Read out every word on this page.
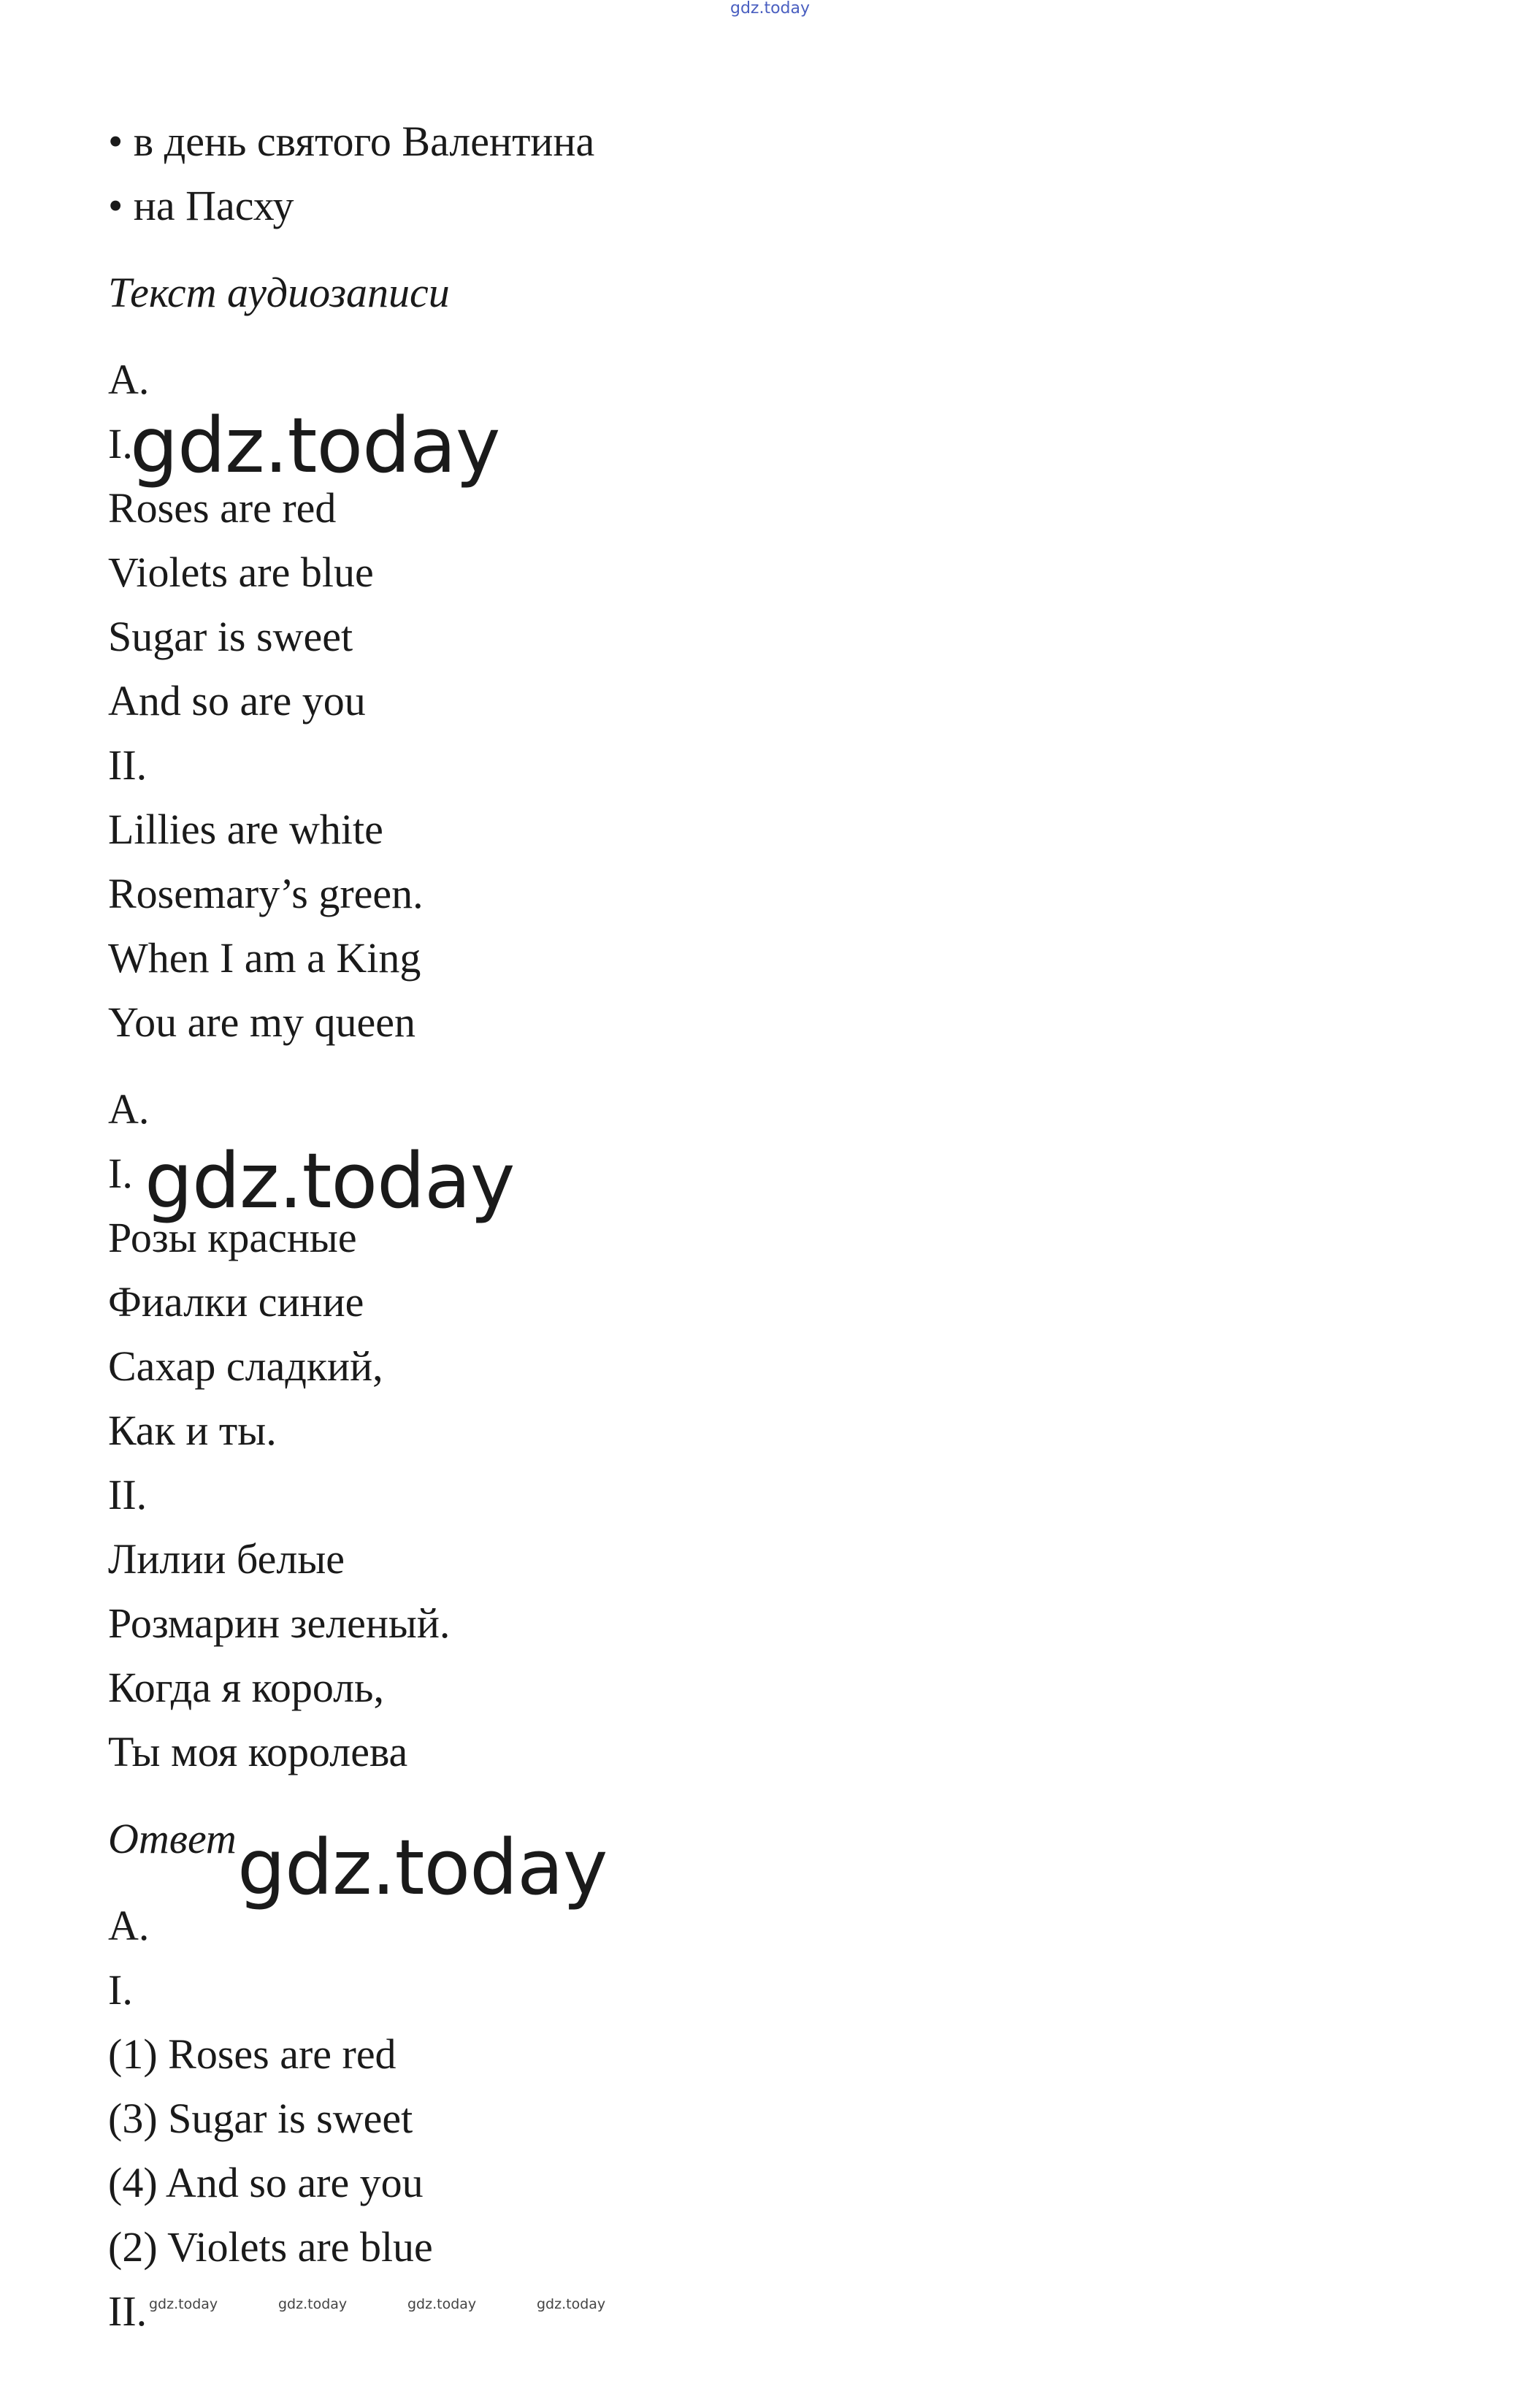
gdz.today
• в день святого Валентина
• на Пасху
Текст аудиозаписи
A.
I.
Roses are red
Violets are blue
Sugar is sweet
And so are you
II.
Lillies are white
Rosemary’s green.
When I am a King
You are my queen
A.
I.
Розы красные
Фиалки синие
Сахар сладкий,
Как и ты.
II.
Лилии белые
Розмарин зеленый.
Когда я король,
Ты моя королева
Ответ
A.
I.
(1) Roses are red
(3) Sugar is sweet
(4) And so are you
(2) Violets are blue
II.
gdz.today
gdz.today
gdz.today
gdz.today	gdz.today	gdz.today	gdz.today
